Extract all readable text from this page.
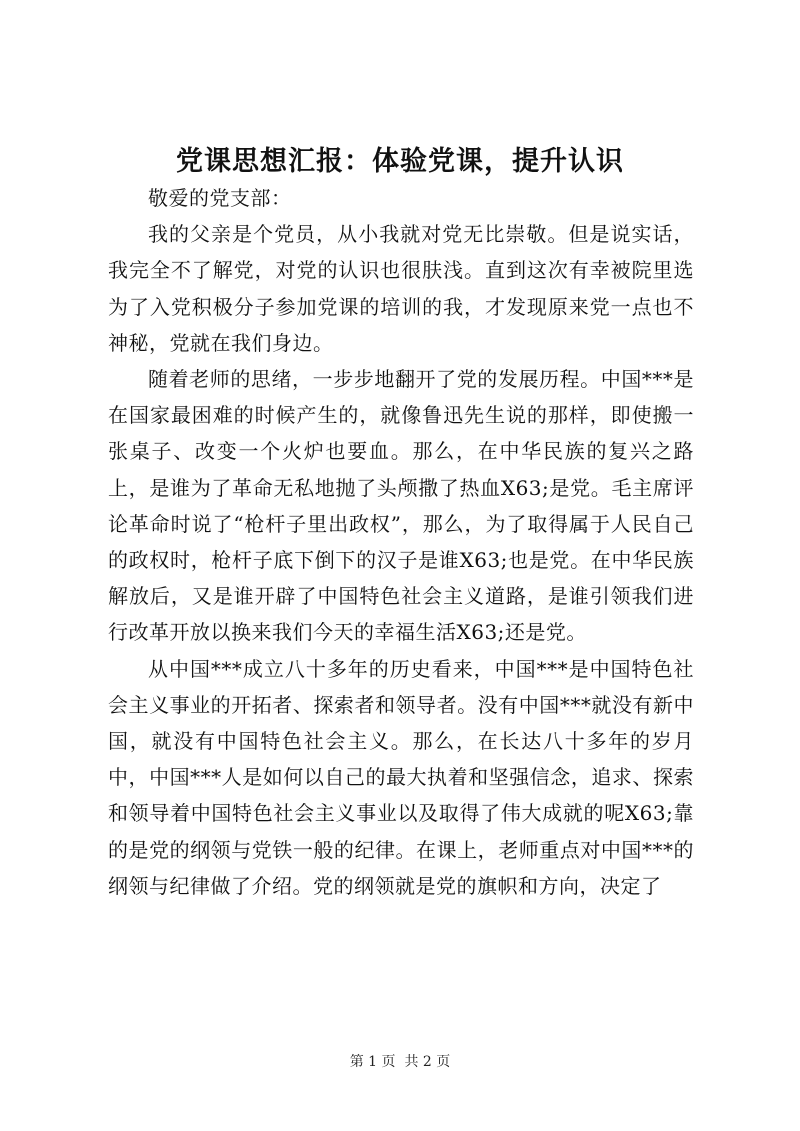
党课思想汇报：体验党课，提升认识

敬爱的党支部：

我的父亲是个党员，从小我就对党无比崇敬。但是说实话，我完全不了解党，对党的认识也很肤浅。直到这次有幸被院里选为了入党积极分子参加党课的培训的我，才发现原来党一点也不神秘，党就在我们身边。

随着老师的思绪，一步步地翻开了党的发展历程。中国***是在国家最困难的时候产生的，就像鲁迅先生说的那样，即使搬一张桌子、改变一个火炉也要血。那么，在中华民族的复兴之路上，是谁为了革命无私地抛了头颅撒了热血X63;是党。毛主席评论革命时说了“枪杆子里出政权”，那么，为了取得属于人民自己的政权时，枪杆子底下倒下的汉子是谁X63;也是党。在中华民族解放后，又是谁开辟了中国特色社会主义道路，是谁引领我们进行改革开放以换来我们今天的幸福生活X63;还是党。

从中国***成立八十多年的历史看来，中国***是中国特色社会主义事业的开拓者、探索者和领导者。没有中国***就没有新中国，就没有中国特色社会主义。那么，在长达八十多年的岁月中，中国***人是如何以自己的最大执着和坚强信念，追求、探索和领导着中国特色社会主义事业以及取得了伟大成就的呢X63;靠的是党的纲领与党铁一般的纪律。在课上，老师重点对中国***的纲领与纪律做了介绍。党的纲领就是党的旗帜和方向，决定了

第 1 页  共 2 页
